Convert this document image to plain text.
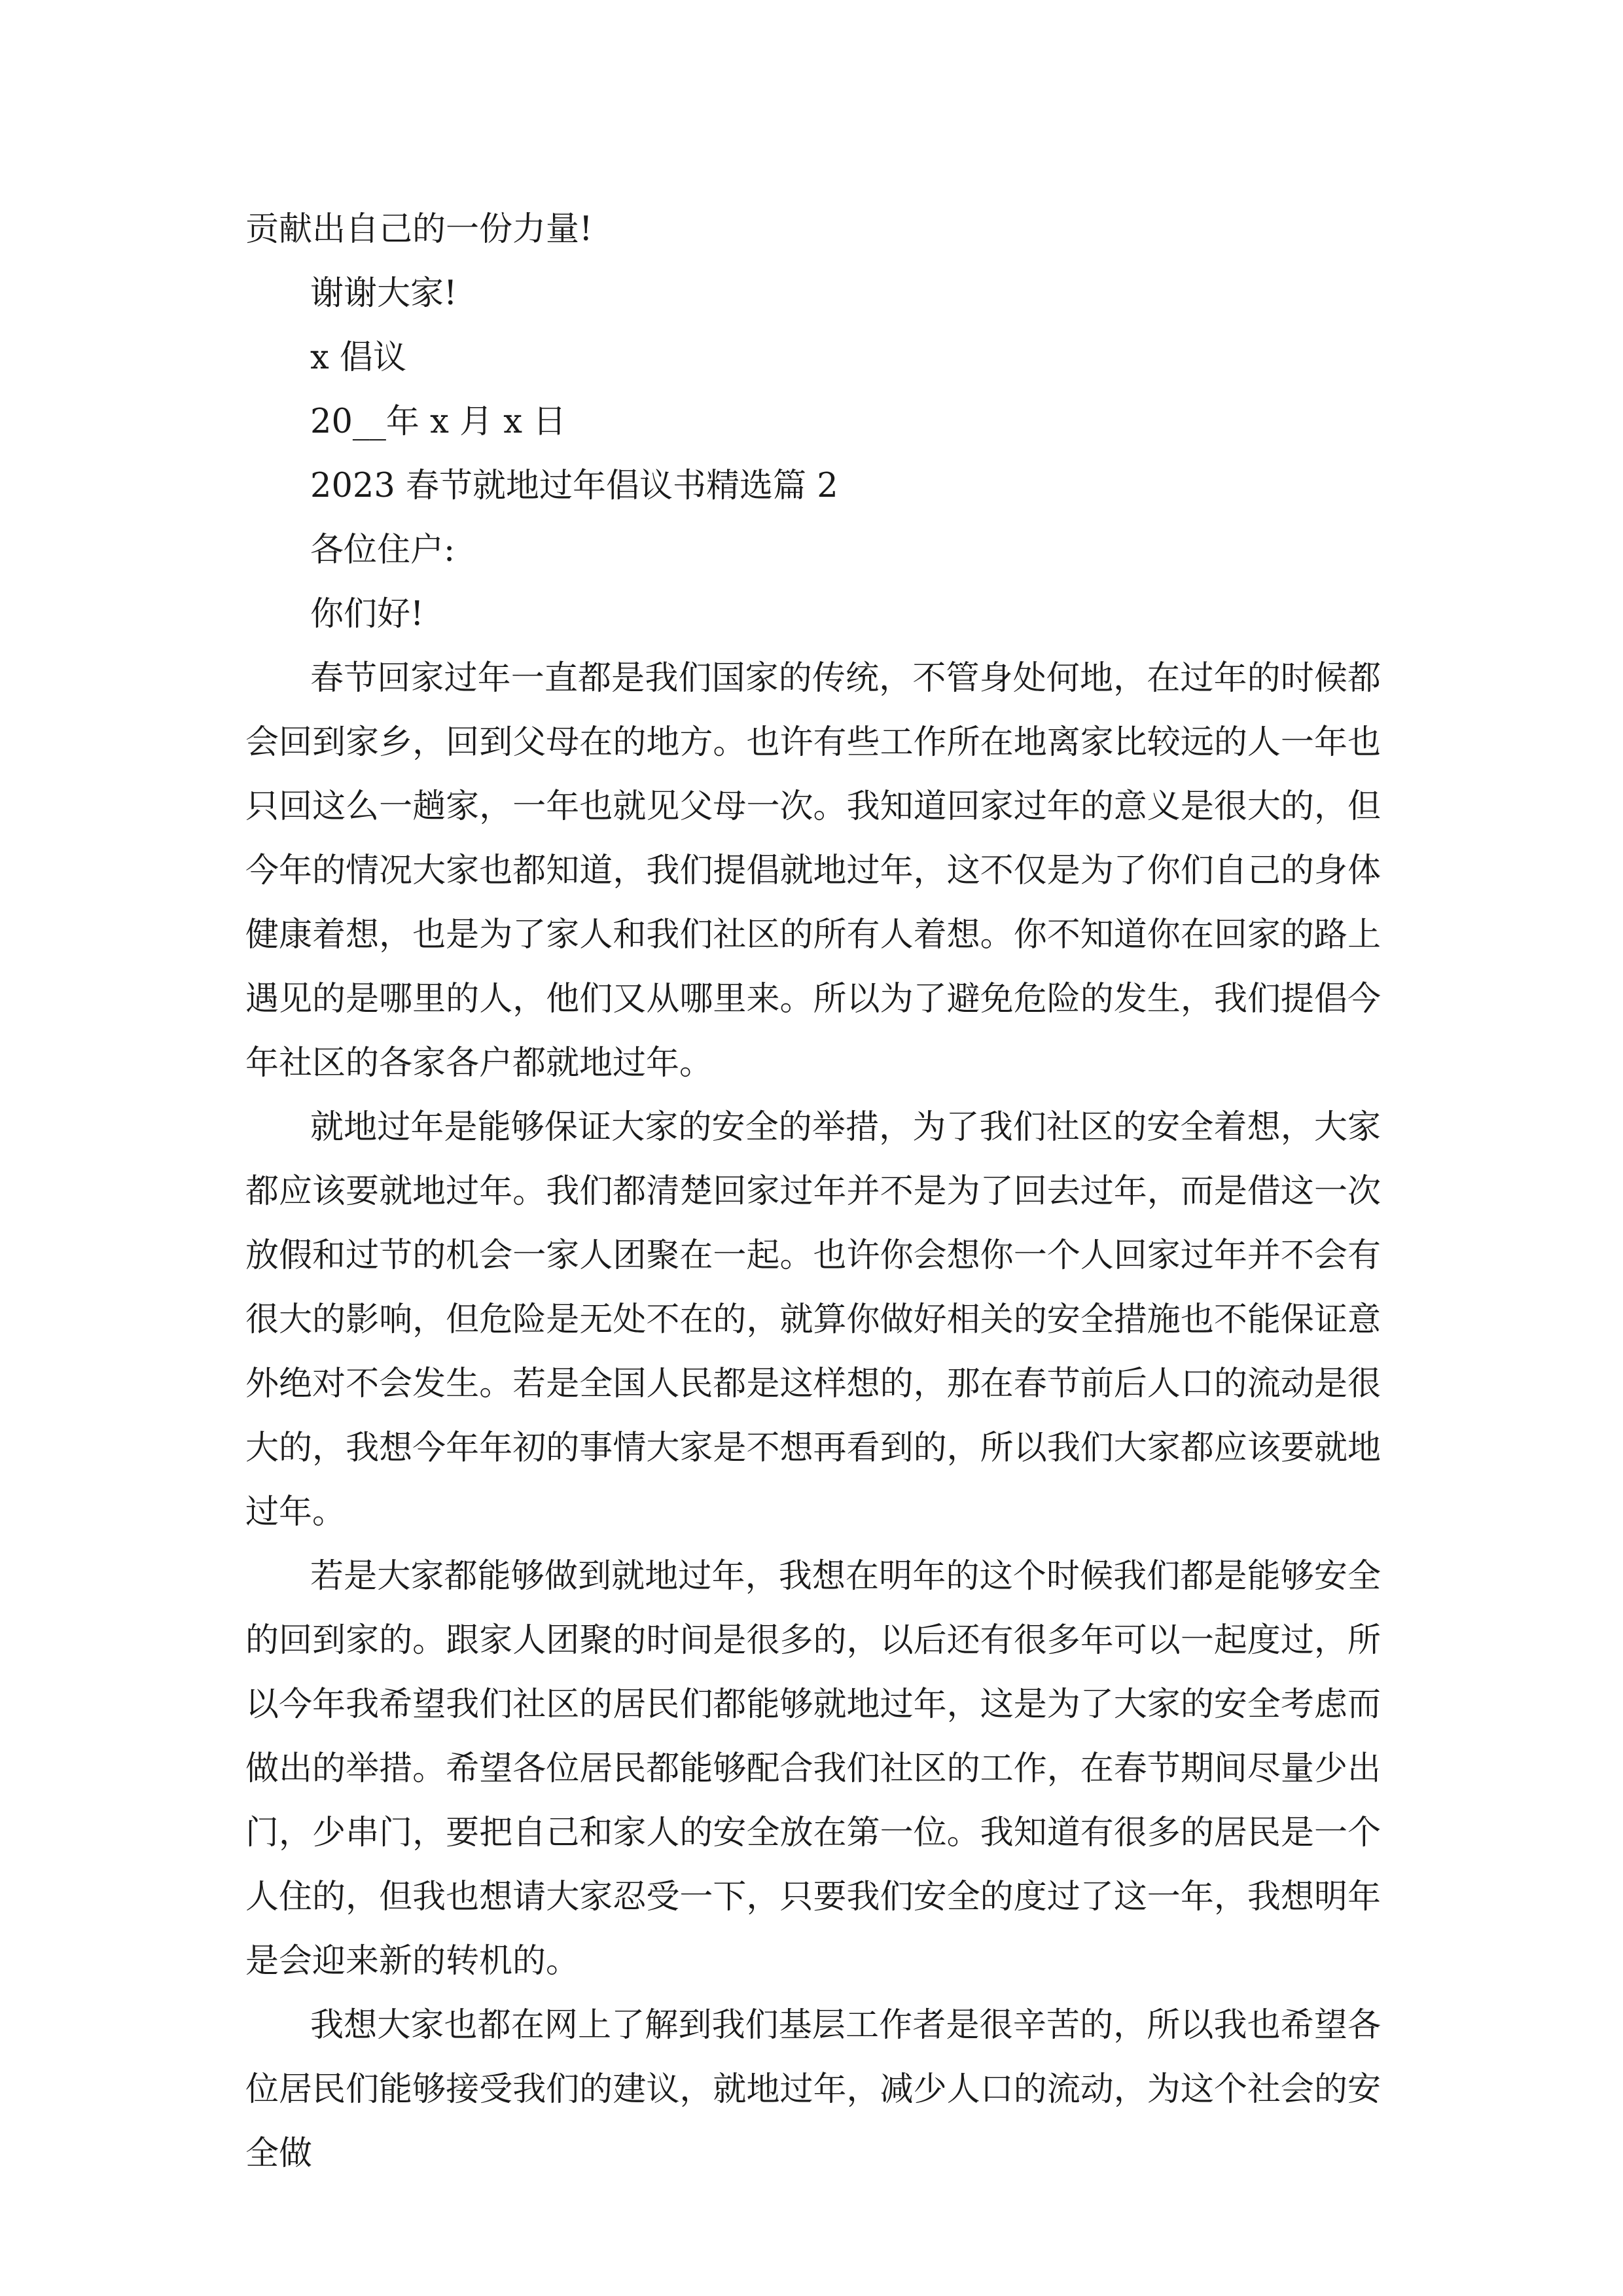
贡献出自己的一份力量!

谢谢大家!

x 倡议

20__年 x 月 x 日

2023 春节就地过年倡议书精选篇 2

各位住户:

你们好!

春节回家过年一直都是我们国家的传统，不管身处何地，在过年的时候都会回到家乡，回到父母在的地方。也许有些工作所在地离家比较远的人一年也只回这么一趟家，一年也就见父母一次。我知道回家过年的意义是很大的，但今年的情况大家也都知道，我们提倡就地过年，这不仅是为了你们自己的身体健康着想，也是为了家人和我们社区的所有人着想。你不知道你在回家的路上遇见的是哪里的人，他们又从哪里来。所以为了避免危险的发生，我们提倡今年社区的各家各户都就地过年。

就地过年是能够保证大家的安全的举措，为了我们社区的安全着想，大家都应该要就地过年。我们都清楚回家过年并不是为了回去过年，而是借这一次放假和过节的机会一家人团聚在一起。也许你会想你一个人回家过年并不会有很大的影响，但危险是无处不在的，就算你做好相关的安全措施也不能保证意外绝对不会发生。若是全国人民都是这样想的，那在春节前后人口的流动是很大的，我想今年年初的事情大家是不想再看到的，所以我们大家都应该要就地过年。

若是大家都能够做到就地过年，我想在明年的这个时候我们都是能够安全的回到家的。跟家人团聚的时间是很多的，以后还有很多年可以一起度过，所以今年我希望我们社区的居民们都能够就地过年，这是为了大家的安全考虑而做出的举措。希望各位居民都能够配合我们社区的工作，在春节期间尽量少出门，少串门，要把自己和家人的安全放在第一位。我知道有很多的居民是一个人住的，但我也想请大家忍受一下，只要我们安全的度过了这一年，我想明年是会迎来新的转机的。

我想大家也都在网上了解到我们基层工作者是很辛苦的，所以我也希望各位居民们能够接受我们的建议，就地过年，减少人口的流动，为这个社会的安全做
